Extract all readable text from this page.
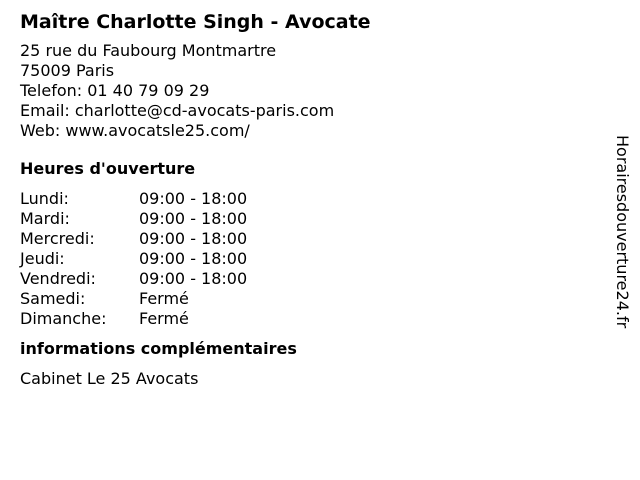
Maître Charlotte Singh - Avocate
25 rue du Faubourg Montmartre
75009 Paris
Telefon: 01 40 79 09 29
Email: charlotte@cd-avocats-paris.com
Web: www.avocatsle25.com/
Heures d'ouverture
Lundi:	09:00 - 18:00
Mardi:	09:00 - 18:00
Mercredi:	09:00 - 18:00
Jeudi:	09:00 - 18:00
Vendredi:	09:00 - 18:00
Samedi:	Fermé
Dimanche:	Fermé
informations complémentaires
Cabinet Le 25 Avocats
Horairesdouverture24.fr
